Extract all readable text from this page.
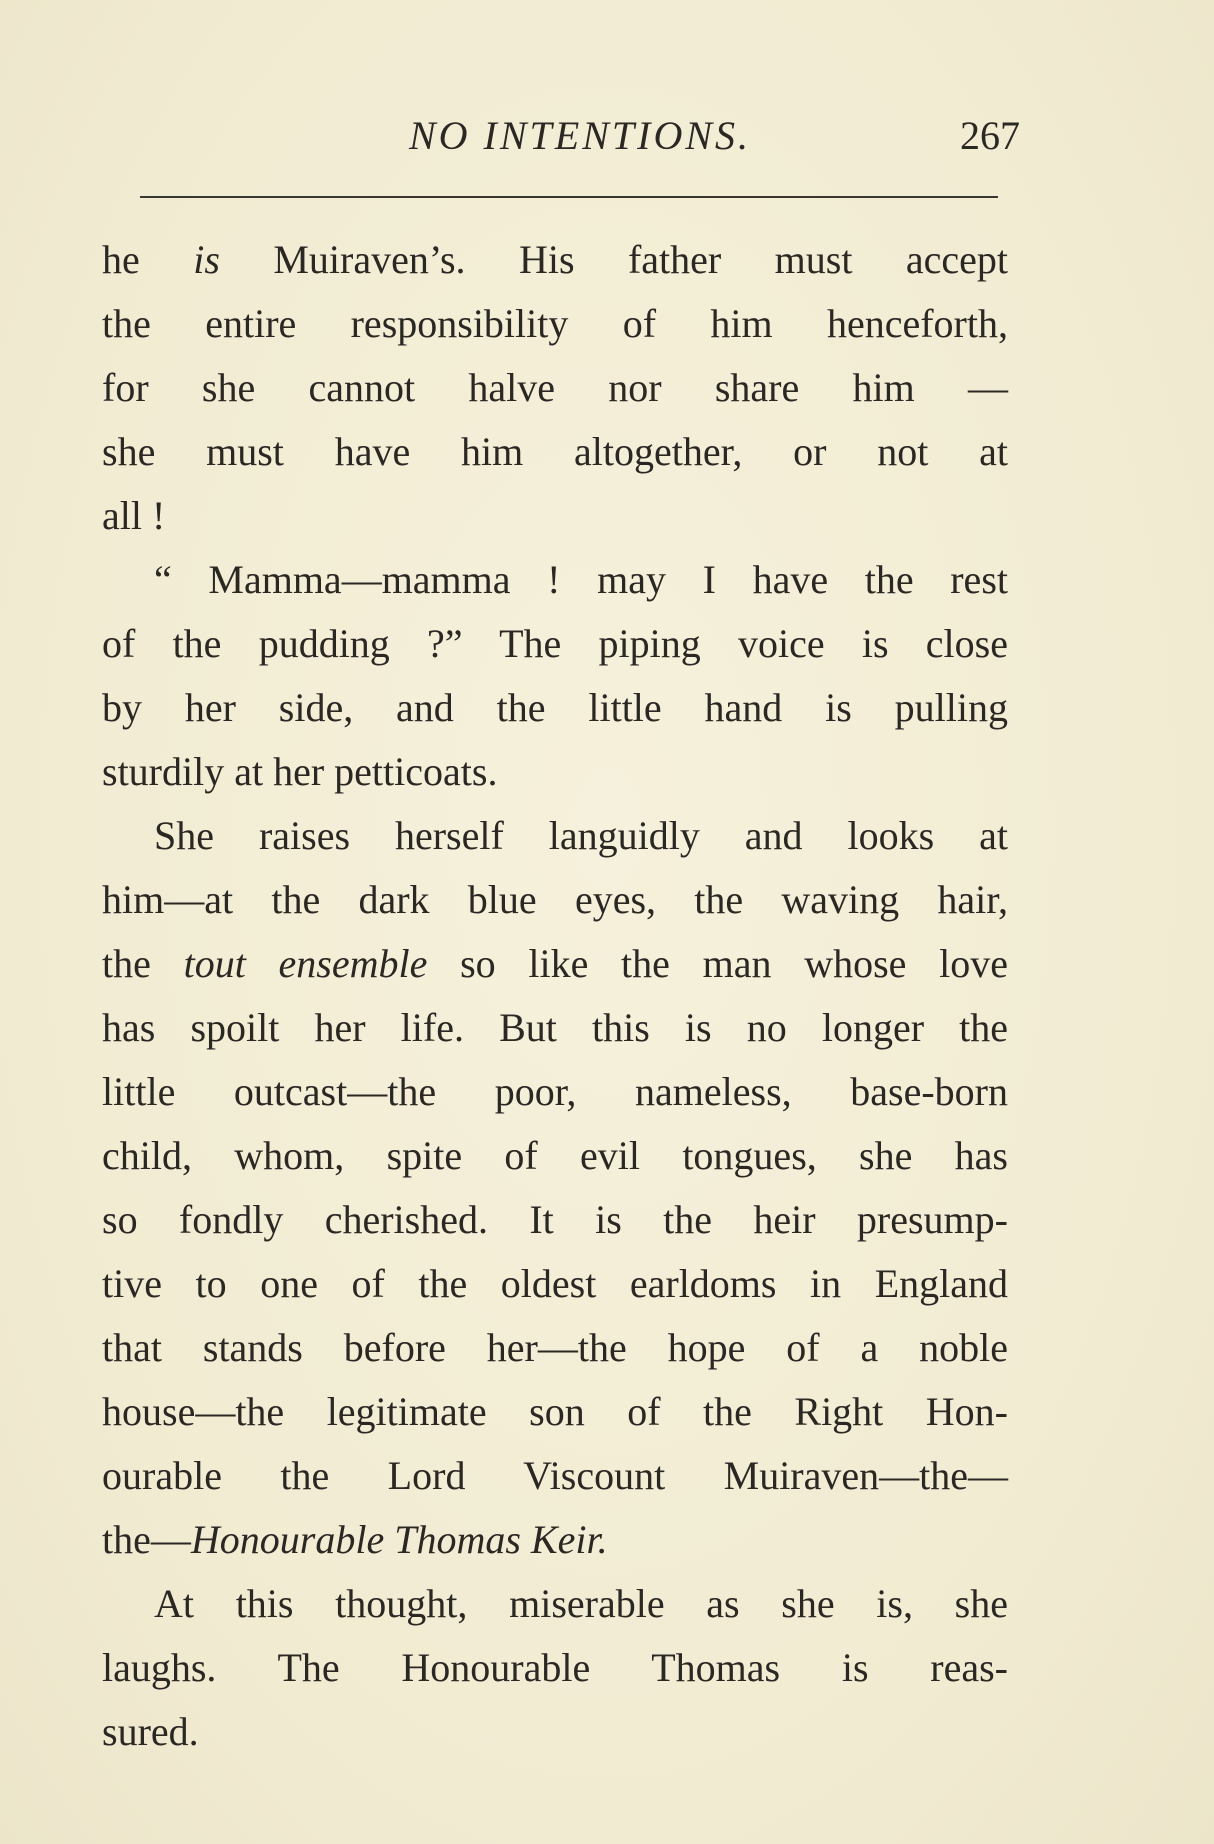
NO INTENTIONS.	267
he is Muiraven’s. His father must accept
the entire responsibility of him henceforth,
for she cannot halve nor share him —
she must have him altogether, or not at
all !
“ Mamma—mamma ! may I have the rest
of the pudding ?” The piping voice is close
by her side, and the little hand is pulling
sturdily at her petticoats.
She raises herself languidly and looks at
him—at the dark blue eyes, the waving hair,
the tout ensemble so like the man whose love
has spoilt her life. But this is no longer the
little outcast—the poor, nameless, base-born
child, whom, spite of evil tongues, she has
so fondly cherished. It is the heir presump-
tive to one of the oldest earldoms in England
that stands before her—the hope of a noble
house—the legitimate son of the Right Hon-
ourable the Lord Viscount Muiraven—the—
the—Honourable Thomas Keir.
At this thought, miserable as she is, she
laughs. The Honourable Thomas is reas-
sured.
